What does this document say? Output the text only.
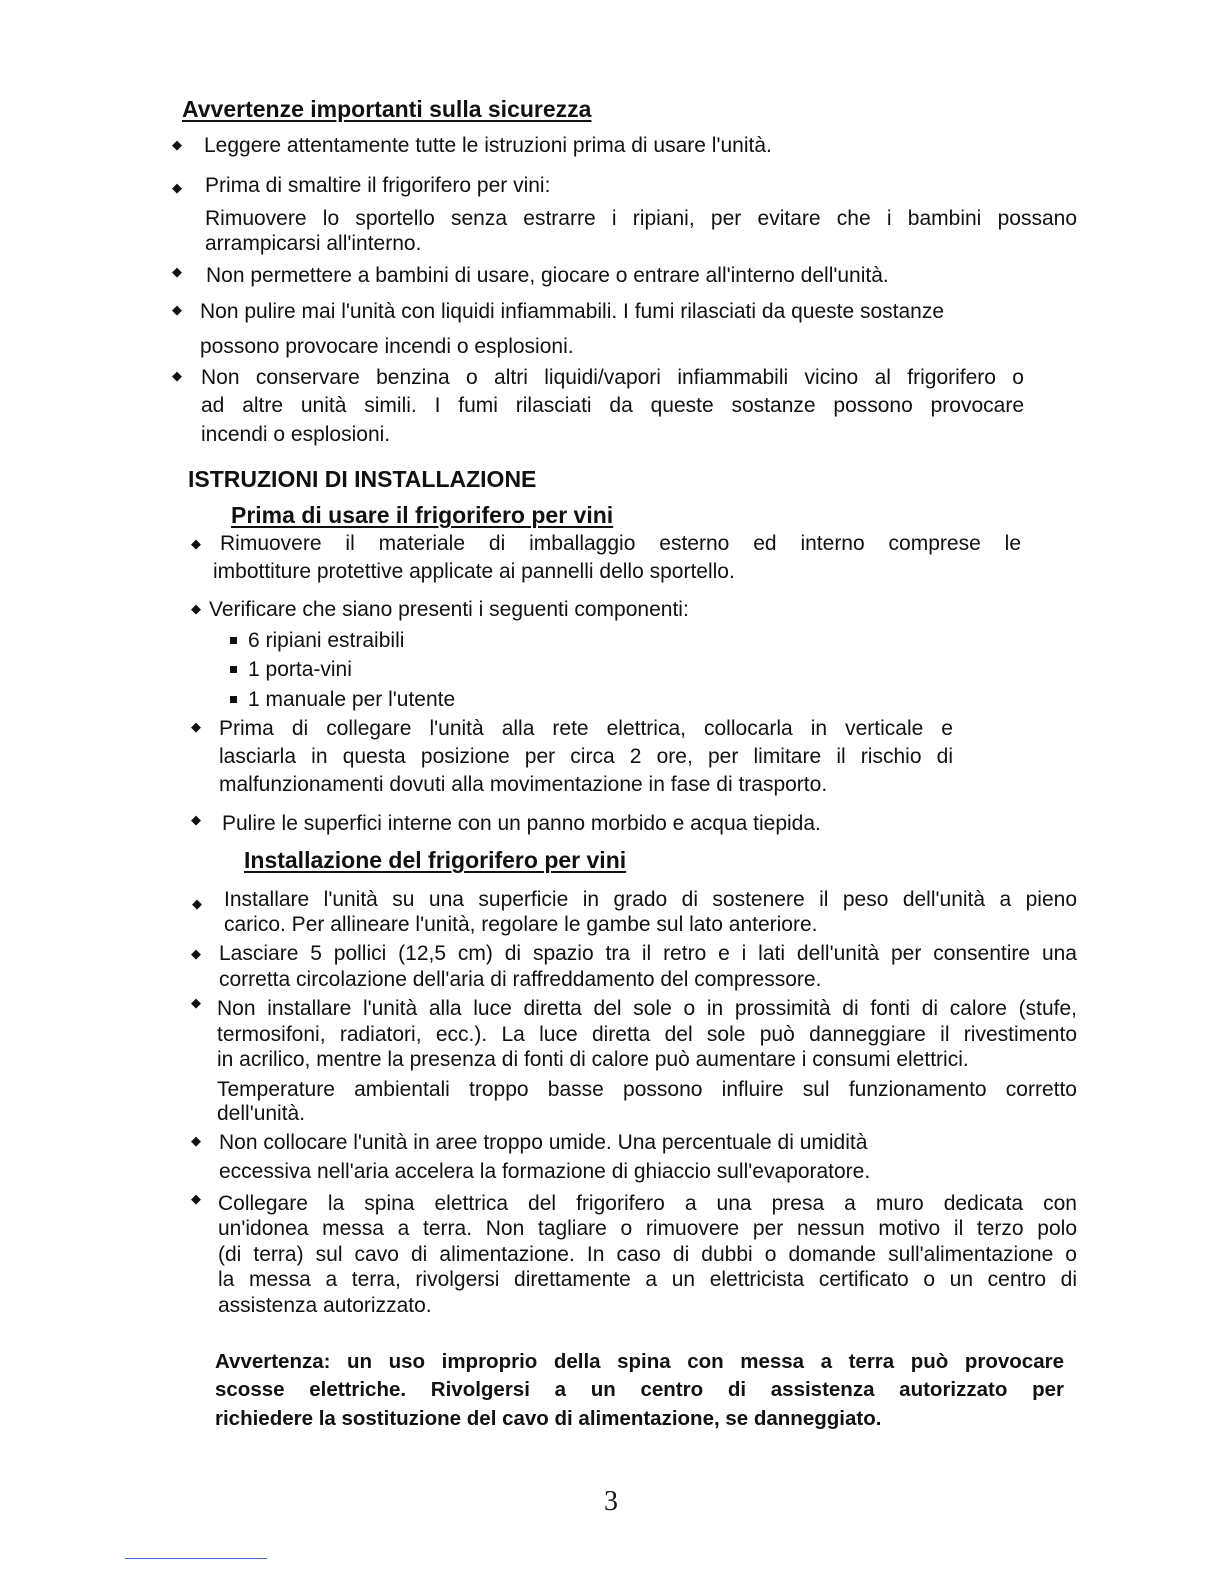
Avvertenze importanti sulla sicurezza
◆ Leggere attentamente tutte le istruzioni prima di usare l'unità.
◆ Prima di smaltire il frigorifero per vini:
Rimuovere lo sportello senza estrarre i ripiani, per evitare che i bambini possano
arrampicarsi all'interno.
◆ Non permettere a bambini di usare, giocare o entrare all'interno dell'unità.
◆ Non pulire mai l'unità con liquidi infiammabili. I fumi rilasciati da queste sostanze
possono provocare incendi o esplosioni.
◆ Non conservare benzina o altri liquidi/vapori infiammabili vicino al frigorifero o
ad altre unità simili. I fumi rilasciati da queste sostanze possono provocare
incendi o esplosioni.
ISTRUZIONI DI INSTALLAZIONE
Prima di usare il frigorifero per vini
◆ Rimuovere il materiale di imballaggio esterno ed interno comprese le
imbottiture protettive applicate ai pannelli dello sportello.
◆ Verificare che siano presenti i seguenti componenti:
6 ripiani estraibili
1 porta-vini
1 manuale per l'utente
◆ Prima di collegare l'unità alla rete elettrica, collocarla in verticale e
lasciarla in questa posizione per circa 2 ore, per limitare il rischio di
malfunzionamenti dovuti alla movimentazione in fase di trasporto.
◆ Pulire le superfici interne con un panno morbido e acqua tiepida.
Installazione del frigorifero per vini
◆ Installare l'unità su una superficie in grado di sostenere il peso dell'unità a pieno
carico. Per allineare l'unità, regolare le gambe sul lato anteriore.
◆ Lasciare 5 pollici (12,5 cm) di spazio tra il retro e i lati dell'unità per consentire una
corretta circolazione dell'aria di raffreddamento del compressore.
◆ Non installare l'unità alla luce diretta del sole o in prossimità di fonti di calore (stufe,
termosifoni, radiatori, ecc.). La luce diretta del sole può danneggiare il rivestimento
in acrilico, mentre la presenza di fonti di calore può aumentare i consumi elettrici.
Temperature ambientali troppo basse possono influire sul funzionamento corretto
dell'unità.
◆ Non collocare l'unità in aree troppo umide. Una percentuale di umidità
eccessiva nell'aria accelera la formazione di ghiaccio sull'evaporatore.
◆ Collegare la spina elettrica del frigorifero a una presa a muro dedicata con
un'idonea messa a terra. Non tagliare o rimuovere per nessun motivo il terzo polo
(di terra) sul cavo di alimentazione. In caso di dubbi o domande sull'alimentazione o
la messa a terra, rivolgersi direttamente a un elettricista certificato o un centro di
assistenza autorizzato.
Avvertenza: un uso improprio della spina con messa a terra può provocare
scosse elettriche. Rivolgersi a un centro di assistenza autorizzato per
richiedere la sostituzione del cavo di alimentazione, se danneggiato.
3
